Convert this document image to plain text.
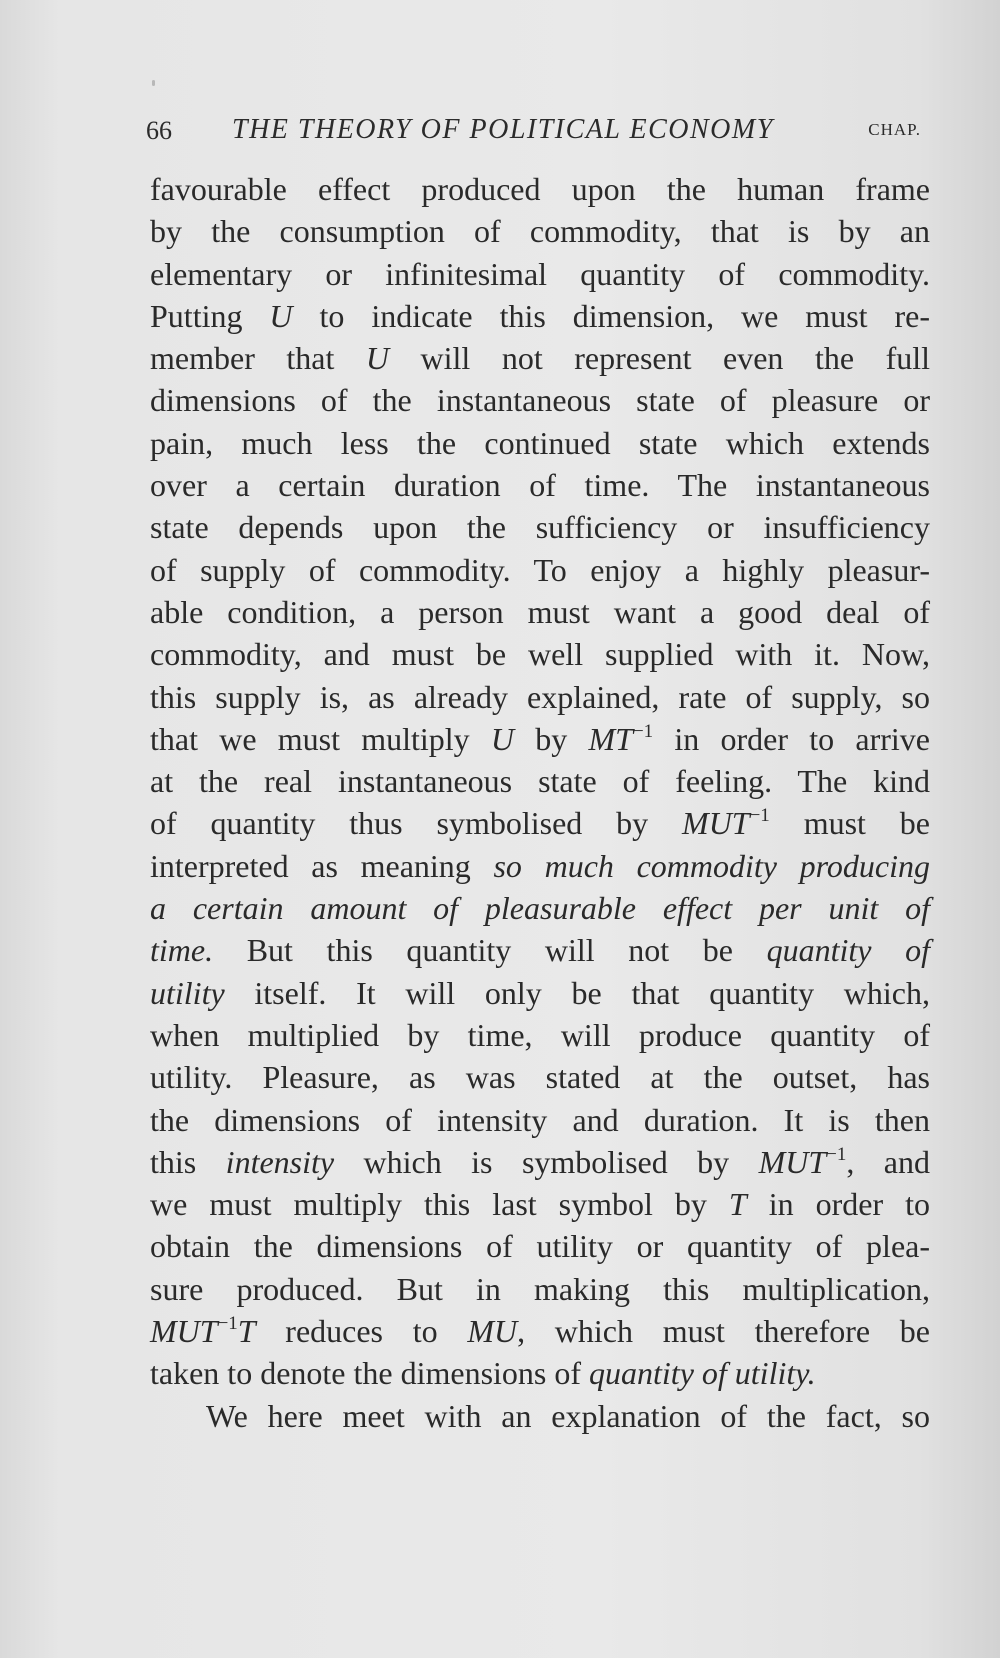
66 THE THEORY OF POLITICAL ECONOMY	CHAP.
favourable effect produced upon the human frame
by the consumption of commodity, that is by an
elementary or infinitesimal quantity of commodity.
Putting U to indicate this dimension, we must re-
member that U will not represent even the full
dimensions of the instantaneous state of pleasure or
pain, much less the continued state which extends
over a certain duration of time. The instantaneous
state depends upon the sufficiency or insufficiency
of supply of commodity. To enjoy a highly pleasur-
able condition, a person must want a good deal of
commodity, and must be well supplied with it. Now,
this supply is, as already explained, rate of supply, so
that we must multiply U by $MT^{-1}$ in order to arrive
at the real instantaneous state of feeling. The kind
of quantity thus symbolised by $MUT^{-1}$ must be
interpreted as meaning so much commodity producing
a certain amount of pleasurable effect per unit of
time. But this quantity will not be quantity of
utility itself. It will only be that quantity which,
when multiplied by time, will produce quantity of
utility. Pleasure, as was stated at the outset, has
the dimensions of intensity and duration. It is then
this intensity which is symbolised by $MUT^{-1}$, and
we must multiply this last symbol by T in order to
obtain the dimensions of utility or quantity of plea-
sure produced. But in making this multiplication,
$MUT^{-1}T$ reduces to MU, which must therefore be
taken to denote the dimensions of quantity of utility.
We here meet with an explanation of the fact, so
